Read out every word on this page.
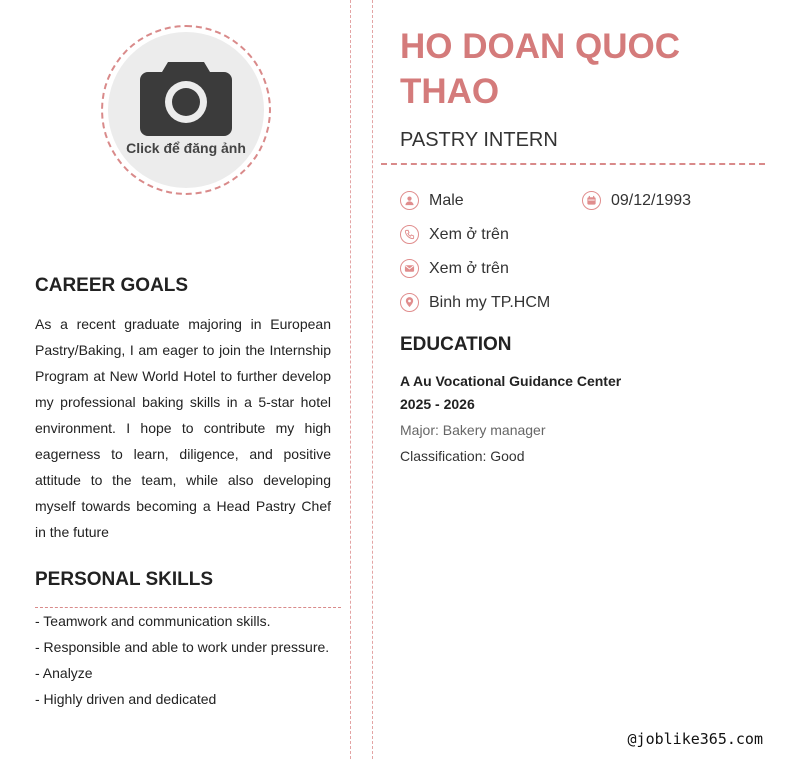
Click để đăng ảnh
CAREER GOALS

As a recent graduate majoring in European Pastry/Baking, I am eager to join the Internship Program at New World Hotel to further develop my professional baking skills in a 5-star hotel environment. I hope to contribute my high eagerness to learn, diligence, and positive attitude to the team, while also developing myself towards becoming a Head Pastry Chef in the future

PERSONAL SKILLS
- Teamwork and communication skills.
- Responsible and able to work under pressure.
- Analyze
- Highly driven and dedicated
HO DOAN QUOC THAO
PASTRY INTERN
Male	09/12/1993
Xem ở trên
Xem ở trên
Binh my TP.HCM
EDUCATION
A Au Vocational Guidance Center
2025 - 2026
Major: Bakery manager
Classification: Good
@joblike365.com
